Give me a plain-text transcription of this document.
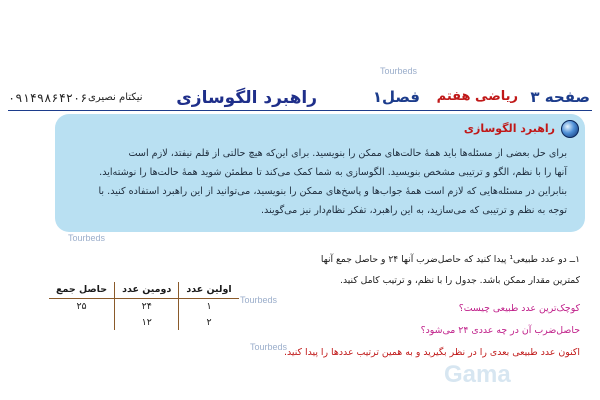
Tourbeds
Tourbeds
Tourbeds
Tourbeds
صفحه ۳
ریاضی هفتم
فصل۱
راهبرد الگوسازی
نیکتام نصیری
۰۹۱۴۹۸۶۴۲۰۶
راهبرد الگوسازی
برای حل بعضی از مسئله‌ها باید همهٔ حالت‌های ممکن را بنویسید. برای این‌که هیچ حالتی از قلم نیفتد، لازم است
آنها را با نظم، الگو و ترتیبی مشخص بنویسید. الگوسازی به شما کمک می‌کند تا مطمئن شوید همهٔ حالت‌ها را نوشته‌اید.
بنابراین در مسئله‌هایی که لازم است همهٔ جواب‌ها و پاسخ‌های ممکن را بنویسید، می‌توانید از این راهبرد استفاده کنید. با
توجه به نظم و ترتیبی که می‌سازید، به این راهبرد، تفکر نظام‌دار نیز می‌گویند.
۱ــ دو عدد طبیعی¹ پیدا کنید که حاصل‌ضرب آنها ۲۴ و حاصل جمع آنها
کمترین مقدار ممکن باشد. جدول را با نظم، و ترتیب کامل کنید.
کوچک‌ترین عدد طبیعی چیست؟
حاصل‌ضرب آن در چه عددی ۲۴ می‌شود؟
اکنون عدد طبیعی بعدی را در نظر بگیرید و به همین ترتیب عددها را پیدا کنید.
اولین عدد	دومین عدد	حاصل جمع
۱	۲۴	۲۵
۲	۱۲	
Gama
